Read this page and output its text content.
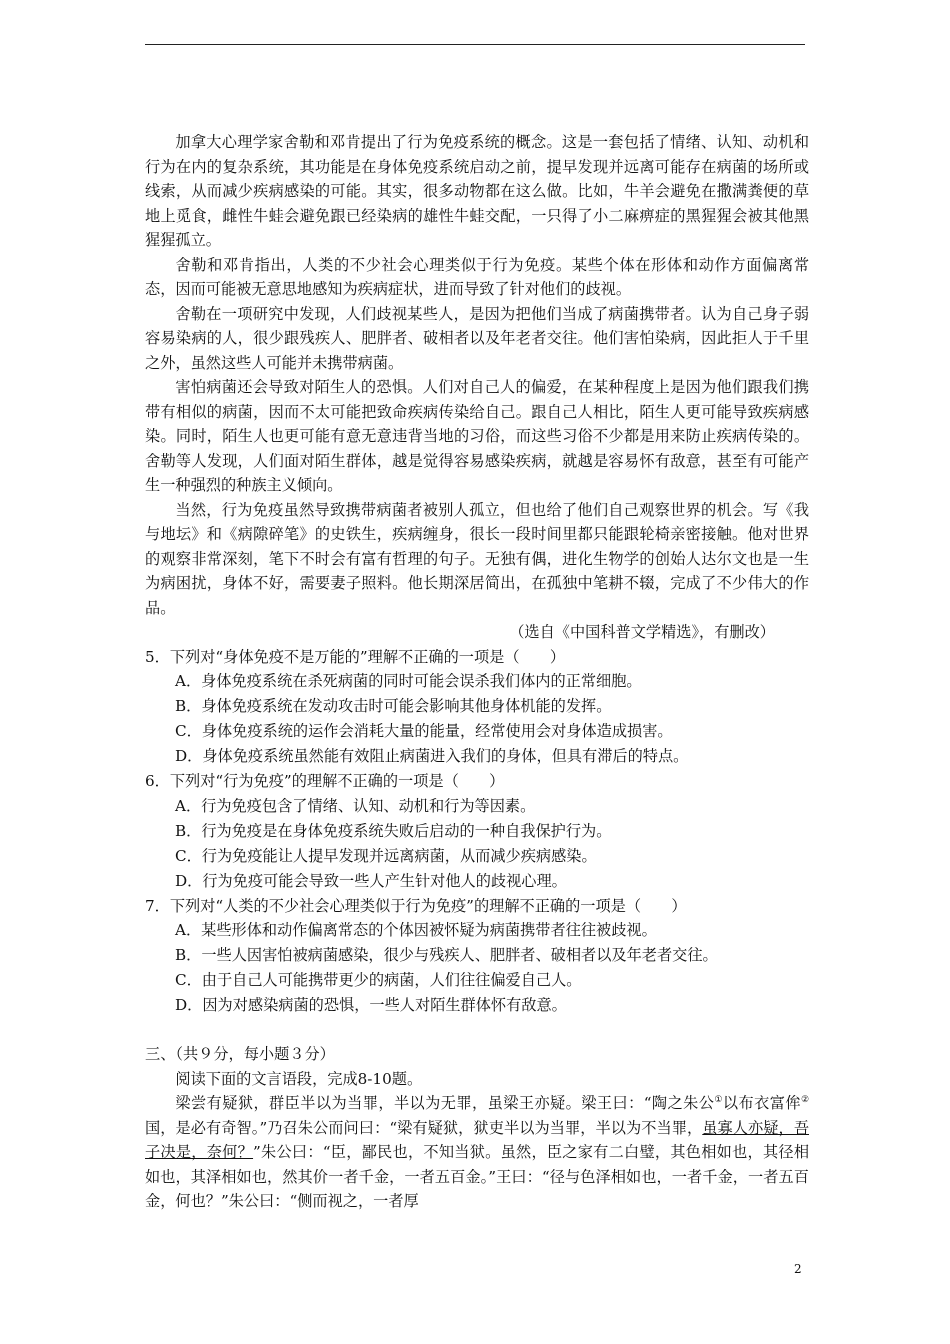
加拿大心理学家舍勒和邓肯提出了行为免疫系统的概念。这是一套包括了情绪、认知、动机和行为在内的复杂系统，其功能是在身体免疫系统启动之前，提早发现并远离可能存在病菌的场所或线索，从而减少疾病感染的可能。其实，很多动物都在这么做。比如，牛羊会避免在撒满粪便的草地上觅食，雌性牛蛙会避免跟已经染病的雄性牛蛙交配，一只得了小二麻痹症的黑猩猩会被其他黑猩猩孤立。

舍勒和邓肯指出，人类的不少社会心理类似于行为免疫。某些个体在形体和动作方面偏离常态，因而可能被无意思地感知为疾病症状，进而导致了针对他们的歧视。

舍勒在一项研究中发现，人们歧视某些人，是因为把他们当成了病菌携带者。认为自己身子弱容易染病的人，很少跟残疾人、肥胖者、破相者以及年老者交往。他们害怕染病，因此拒人于千里之外，虽然这些人可能并未携带病菌。

害怕病菌还会导致对陌生人的恐惧。人们对自己人的偏爱，在某种程度上是因为他们跟我们携带有相似的病菌，因而不太可能把致命疾病传染给自己。跟自己人相比，陌生人更可能导致疾病感染。同时，陌生人也更可能有意无意违背当地的习俗，而这些习俗不少都是用来防止疾病传染的。舍勒等人发现，人们面对陌生群体，越是觉得容易感染疾病，就越是容易怀有敌意，甚至有可能产生一种强烈的种族主义倾向。

当然，行为免疫虽然导致携带病菌者被别人孤立，但也给了他们自己观察世界的机会。写《我与地坛》和《病隙碎笔》的史铁生，疾病缠身，很长一段时间里都只能跟轮椅亲密接触。他对世界的观察非常深刻，笔下不时会有富有哲理的句子。无独有偶，进化生物学的创始人达尔文也是一生为病困扰，身体不好，需要妻子照料。他长期深居简出，在孤独中笔耕不辍，完成了不少伟大的作品。

（选自《中国科普文学精选》，有删改）

5．下列对“身体免疫不是万能的”理解不正确的一项是（　　）

A．身体免疫系统在杀死病菌的同时可能会误杀我们体内的正常细胞。

B．身体免疫系统在发动攻击时可能会影响其他身体机能的发挥。

C．身体免疫系统的运作会消耗大量的能量，经常使用会对身体造成损害。

D．身体免疫系统虽然能有效阻止病菌进入我们的身体，但具有滞后的特点。

6．下列对“行为免疫”的理解不正确的一项是（　　）

A．行为免疫包含了情绪、认知、动机和行为等因素。

B．行为免疫是在身体免疫系统失败后启动的一种自我保护行为。

C．行为免疫能让人提早发现并远离病菌，从而减少疾病感染。

D．行为免疫可能会导致一些人产生针对他人的歧视心理。

7．下列对“人类的不少社会心理类似于行为免疫”的理解不正确的一项是（　　）

A．某些形体和动作偏离常态的个体因被怀疑为病菌携带者往往被歧视。

B．一些人因害怕被病菌感染，很少与残疾人、肥胖者、破相者以及年老者交往。

C．由于自己人可能携带更少的病菌，人们往往偏爱自己人。

D．因为对感染病菌的恐惧，一些人对陌生群体怀有敌意。

三、（共９分，每小题３分）

阅读下面的文言语段，完成8-10题。

梁尝有疑狱，群臣半以为当罪，半以为无罪，虽梁王亦疑。梁王曰：“陶之朱公①以布衣富侔②国，是必有奇智。”乃召朱公而问曰：“梁有疑狱，狱吏半以为当罪，半以为不当罪，虽寡人亦疑，吾子决是，奈何？”朱公曰：“臣，鄙民也，不知当狱。虽然，臣之家有二白璧，其色相如也，其径相如也，其泽相如也，然其价一者千金，一者五百金。”王曰：“径与色泽相如也，一者千金，一者五百金，何也？”朱公曰：“侧而视之，一者厚

2
